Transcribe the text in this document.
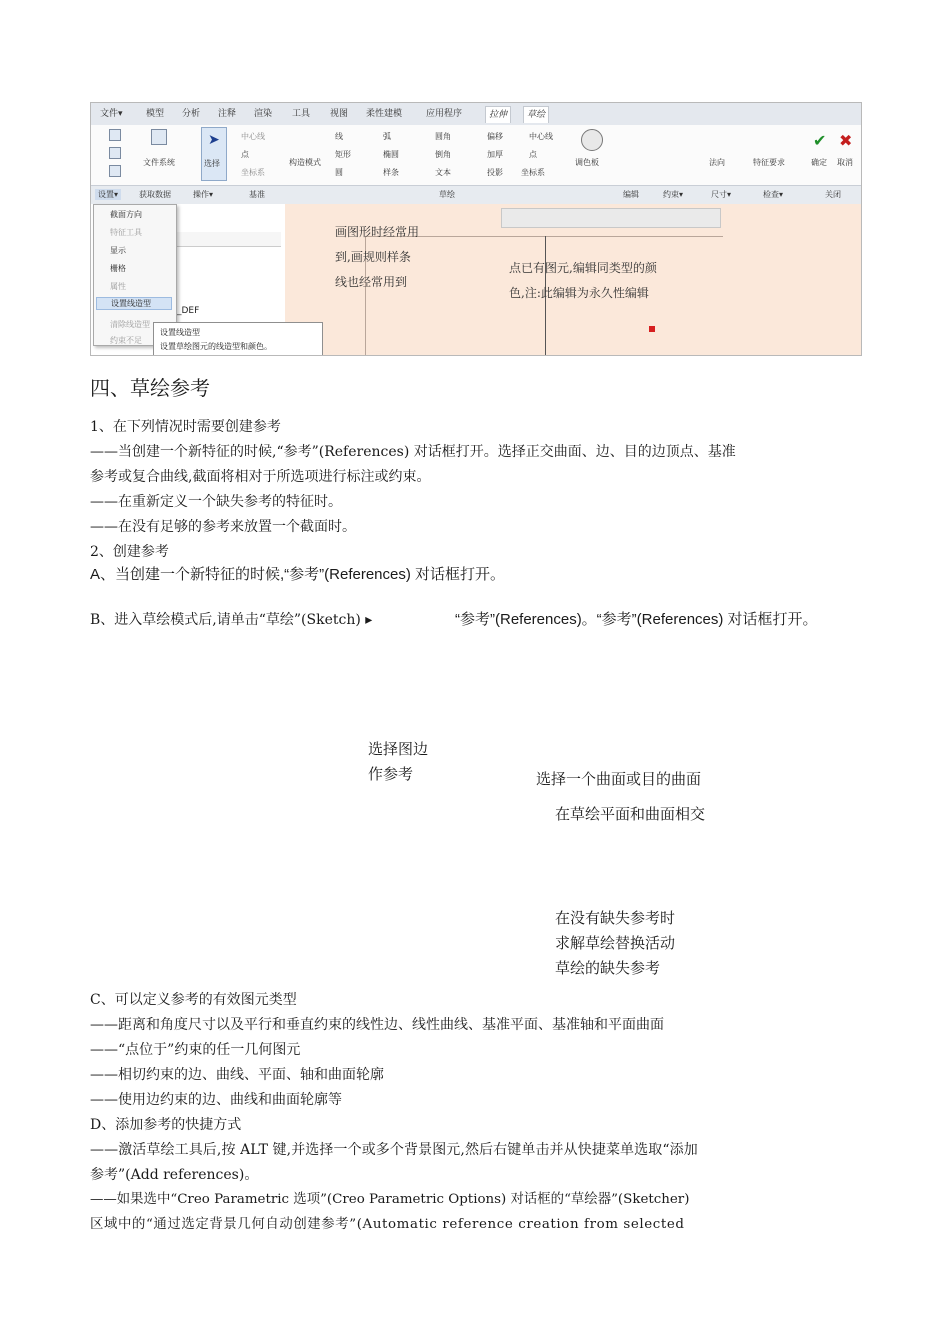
文件▾	模型	分析	注释	渲染	工具	视图	柔性建模	应用程序	拉伸	草绘
文件系统	选择
➤	中心线
点
坐标系
构造模式
线
矩形
圆
弧
椭圆
样条
圆角
倒角
文本
偏移
加厚
投影
中心线
点
坐标系
调色板	法向	特征要求
✔ ✖
确定 取消
设置▾	获取数据	操作▾	基准	草绘	编辑	约束▾	尺寸▾	检查▾	关闭
_DEF
画图形时经常用
到,画规则样条
线也经常用到
点已有图元,编辑同类型的颜
色,注:此编辑为永久性编辑
截面方向
特征工具
显示
栅格
属性
设置线造型
清除线造型
约束不足
设置线造型
设置草绘图元的线造型和颜色。
四、草绘参考
1、在下列情况时需要创建参考
——当创建一个新特征的时候,“参考”(References) 对话框打开。选择正交曲面、边、目的边顶点、基准
参考或复合曲线,截面将相对于所选项进行标注或约束。
——在重新定义一个缺失参考的特征时。
——在没有足够的参考来放置一个截面时。
2、创建参考
A、当创建一个新特征的时候,“参考”(References) 对话框打开。
B、进入草绘模式后,请单击“草绘”(Sketch) ▸	“参考”(References)。“参考”(References) 对话框打开。
选择图边
作参考	选择一个曲面或目的曲面
在草绘平面和曲面相交
在没有缺失参考时
求解草绘替换活动
草绘的缺失参考
C、可以定义参考的有效图元类型
——距离和角度尺寸以及平行和垂直约束的线性边、线性曲线、基准平面、基准轴和平面曲面
——“点位于”约束的任一几何图元
——相切约束的边、曲线、平面、轴和曲面轮廓
——使用边约束的边、曲线和曲面轮廓等
D、添加参考的快捷方式
——激活草绘工具后,按 ALT 键,并选择一个或多个背景图元,然后右键单击并从快捷菜单选取“添加
参考”(Add references)。
——如果选中“Creo Parametric 选项”(Creo Parametric Options) 对话框的“草绘器”(Sketcher)
区域中的“通过选定背景几何自动创建参考”(Automatic reference creation from selected
